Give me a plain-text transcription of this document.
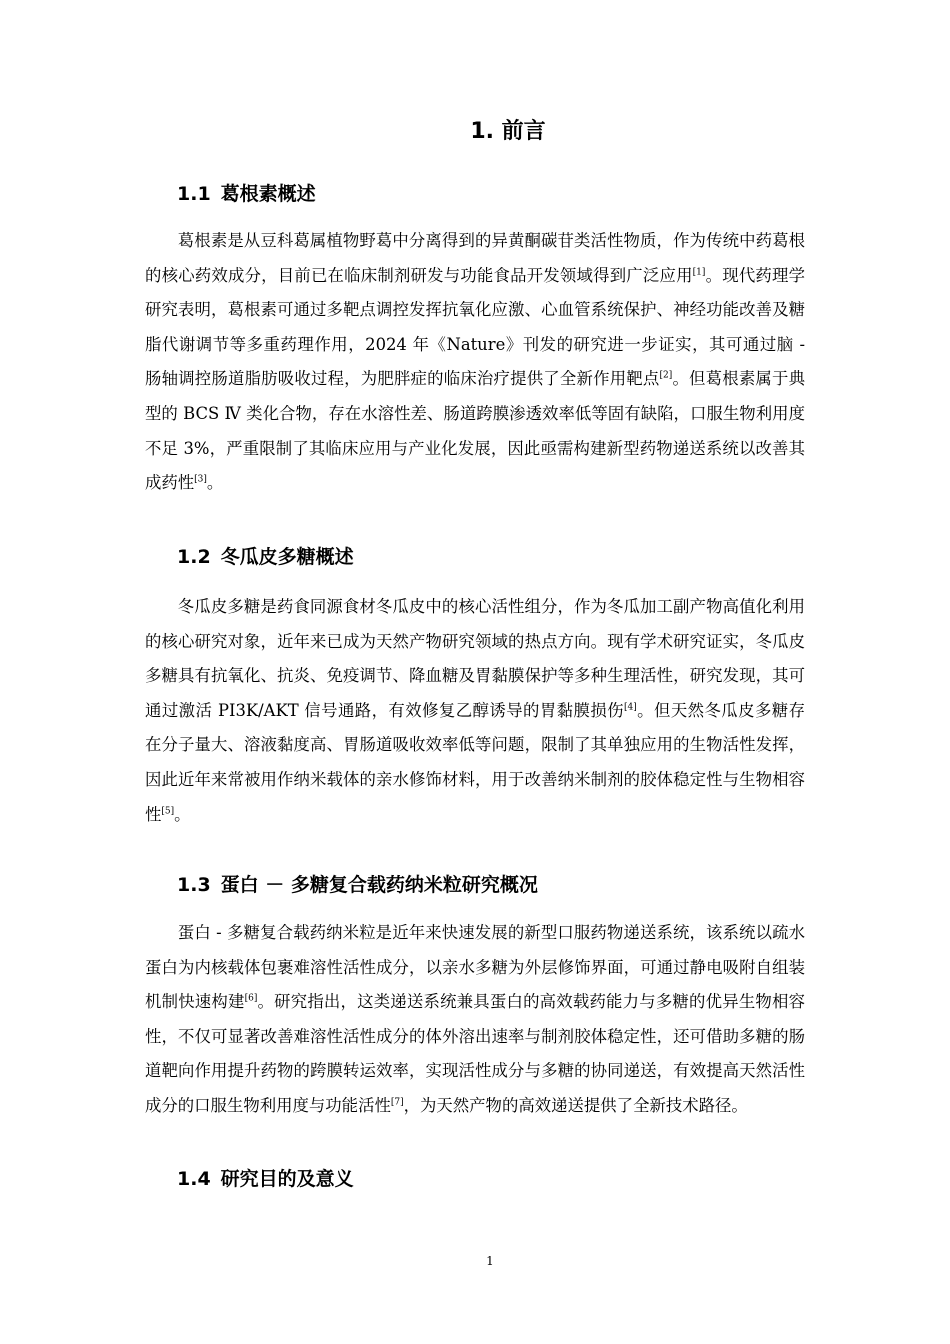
1. 前言
1.1 葛根素概述

葛根素是从豆科葛属植物野葛中分离得到的异黄酮碳苷类活性物质，作为传统中药葛根的核心药效成分，目前已在临床制剂研发与功能食品开发领域得到广泛应用[1]。现代药理学研究表明，葛根素可通过多靶点调控发挥抗氧化应激、心血管系统保护、神经功能改善及糖脂代谢调节等多重药理作用，2024 年《Nature》刊发的研究进一步证实，其可通过脑 - 肠轴调控肠道脂肪吸收过程，为肥胖症的临床治疗提供了全新作用靶点[2]。但葛根素属于典型的 BCS Ⅳ 类化合物，存在水溶性差、肠道跨膜渗透效率低等固有缺陷，口服生物利用度不足 3%，严重限制了其临床应用与产业化发展，因此亟需构建新型药物递送系统以改善其成药性[3]。

1.2 冬瓜皮多糖概述

冬瓜皮多糖是药食同源食材冬瓜皮中的核心活性组分，作为冬瓜加工副产物高值化利用的核心研究对象，近年来已成为天然产物研究领域的热点方向。现有学术研究证实，冬瓜皮多糖具有抗氧化、抗炎、免疫调节、降血糖及胃黏膜保护等多种生理活性，研究发现，其可通过激活 PI3K/AKT 信号通路，有效修复乙醇诱导的胃黏膜损伤[4]。但天然冬瓜皮多糖存在分子量大、溶液黏度高、胃肠道吸收效率低等问题，限制了其单独应用的生物活性发挥，因此近年来常被用作纳米载体的亲水修饰材料，用于改善纳米制剂的胶体稳定性与生物相容性[5]。

1.3 蛋白 － 多糖复合载药纳米粒研究概况

蛋白 - 多糖复合载药纳米粒是近年来快速发展的新型口服药物递送系统，该系统以疏水蛋白为内核载体包裹难溶性活性成分，以亲水多糖为外层修饰界面，可通过静电吸附自组装机制快速构建[6]。研究指出，这类递送系统兼具蛋白的高效载药能力与多糖的优异生物相容性，不仅可显著改善难溶性活性成分的体外溶出速率与制剂胶体稳定性，还可借助多糖的肠道靶向作用提升药物的跨膜转运效率，实现活性成分与多糖的协同递送，有效提高天然活性成分的口服生物利用度与功能活性[7]，为天然产物的高效递送提供了全新技术路径。

1.4 研究目的及意义

1
